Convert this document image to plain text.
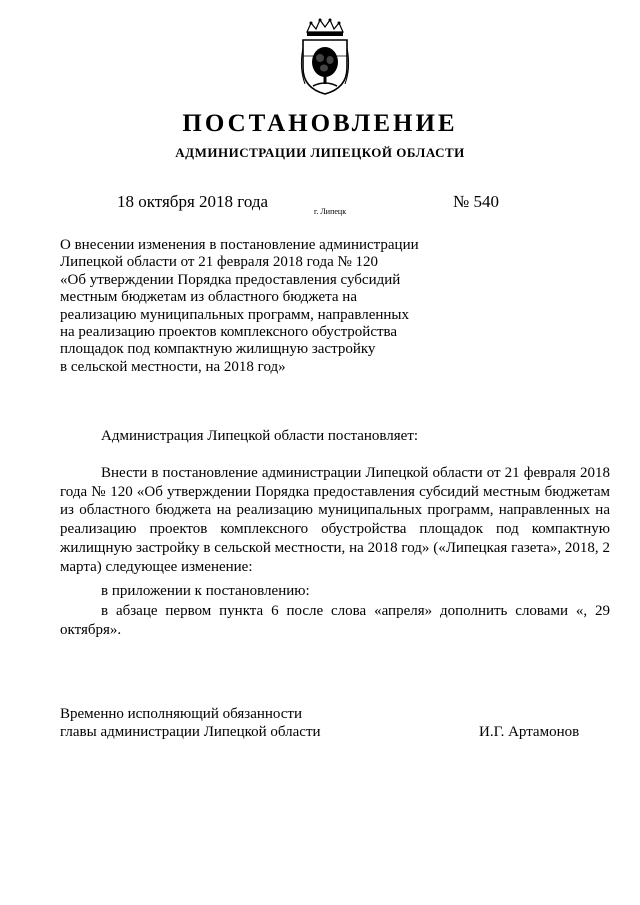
ПОСТАНОВЛЕНИЕ
АДМИНИСТРАЦИИ ЛИПЕЦКОЙ ОБЛАСТИ
18 октября 2018 года
г. Липецк
№ 540
О внесении изменения в постановление администрации
Липецкой области от 21 февраля 2018 года № 120
«Об утверждении Порядка предоставления субсидий
местным бюджетам из областного бюджета на
реализацию муниципальных программ, направленных
на реализацию проектов комплексного обустройства
площадок под компактную жилищную застройку
в сельской местности, на 2018 год»
Администрация Липецкой области постановляет:

Внести в постановление администрации Липецкой области от 21 февраля 2018 года № 120 «Об утверждении Порядка предоставления субсидий местным бюджетам из областного бюджета на реализацию муниципальных программ, направленных на реализацию проектов комплексного обустройства площадок под компактную жилищную застройку в сельской местности, на 2018 год» («Липецкая газета», 2018, 2 марта) следующее изменение:

в приложении к постановлению:

в абзаце первом пункта 6 после слова «апреля» дополнить словами «, 29 октября».

Временно исполняющий обязанности
главы администрации Липецкой области	И.Г. Артамонов
